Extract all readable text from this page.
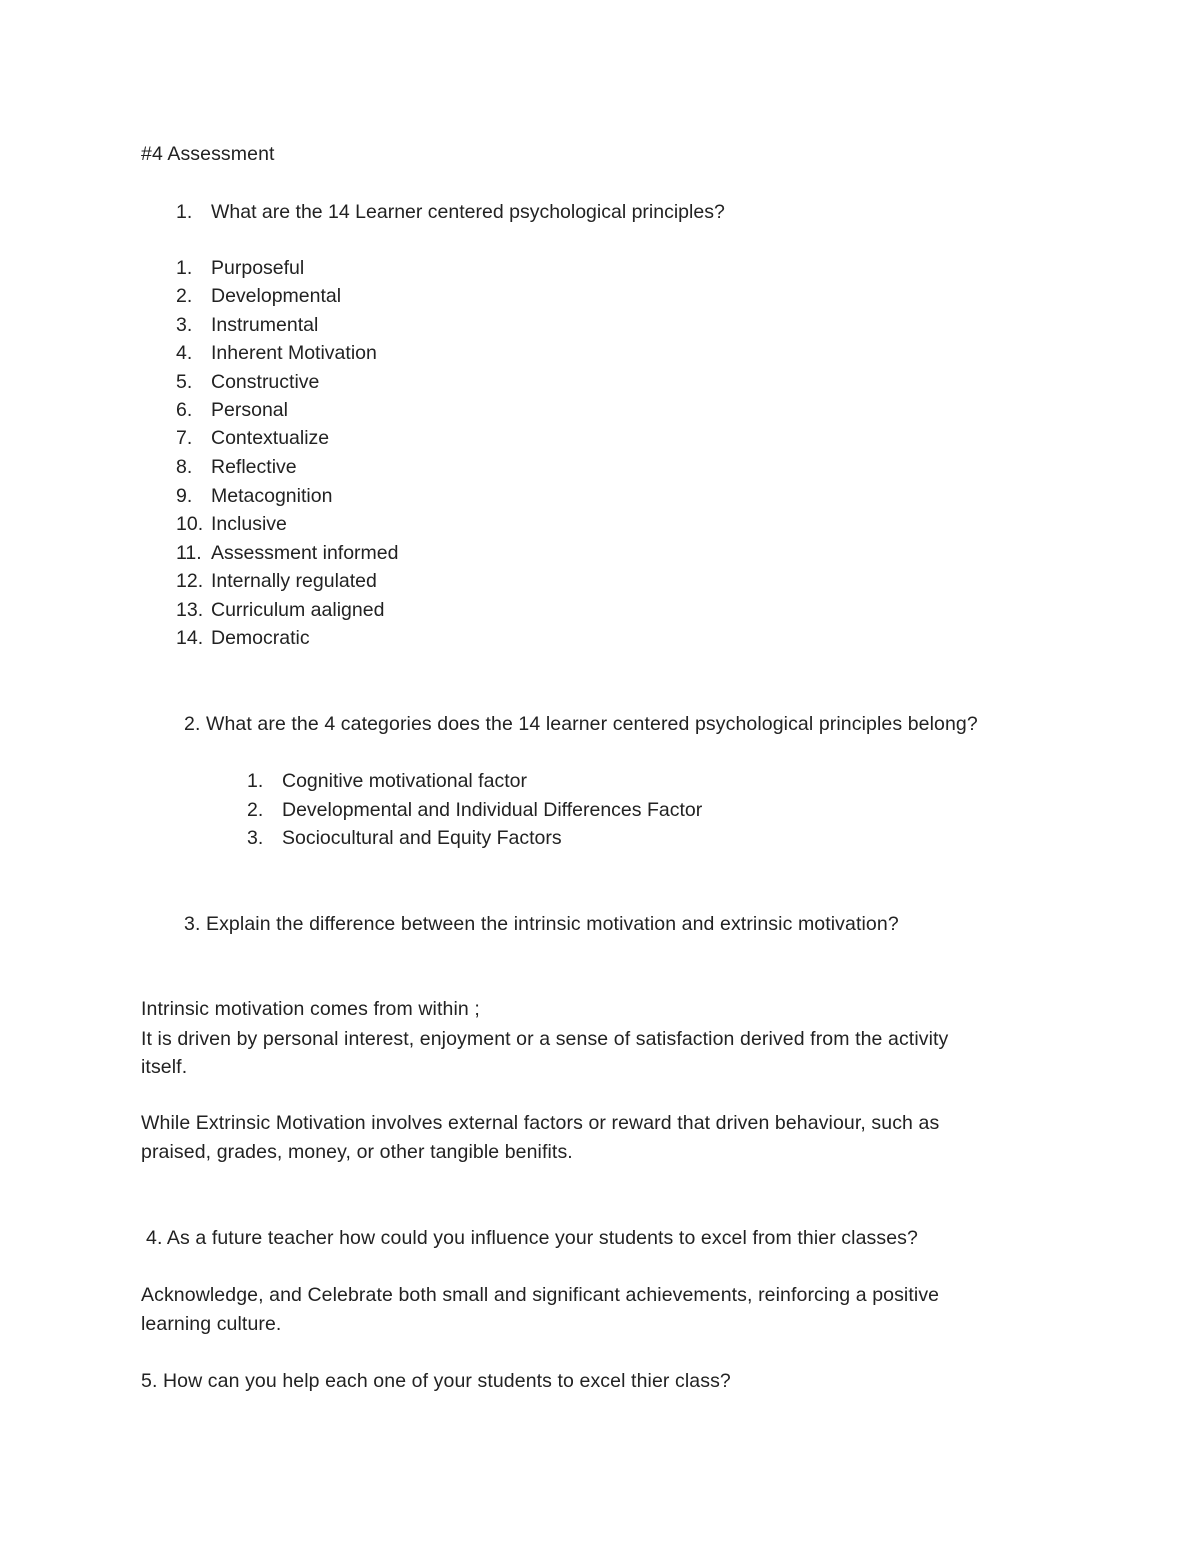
#4 Assessment
1. What are the 14 Learner centered psychological principles?
1. Purposeful
2. Developmental
3. Instrumental
4. Inherent Motivation
5. Constructive
6. Personal
7. Contextualize
8. Reflective
9. Metacognition
10. Inclusive
11. Assessment informed
12. Internally regulated
13. Curriculum aaligned
14. Democratic
2. What are the 4 categories does the 14 learner centered psychological principles belong?
1. Cognitive motivational factor
2. Developmental and Individual Differences Factor
3. Sociocultural and Equity Factors
3. Explain the difference between the intrinsic motivation and extrinsic motivation?
Intrinsic motivation comes from within ;
It is driven by personal interest, enjoyment or a sense of satisfaction derived from the activity
itself.
While Extrinsic Motivation involves external factors or reward that driven behaviour, such as
praised, grades, money, or other tangible benifits.
4. As a future teacher how could you influence your students to excel from thier classes?
Acknowledge, and Celebrate both small and significant achievements, reinforcing a positive
learning culture.
5. How can you help each one of your students to excel thier class?
